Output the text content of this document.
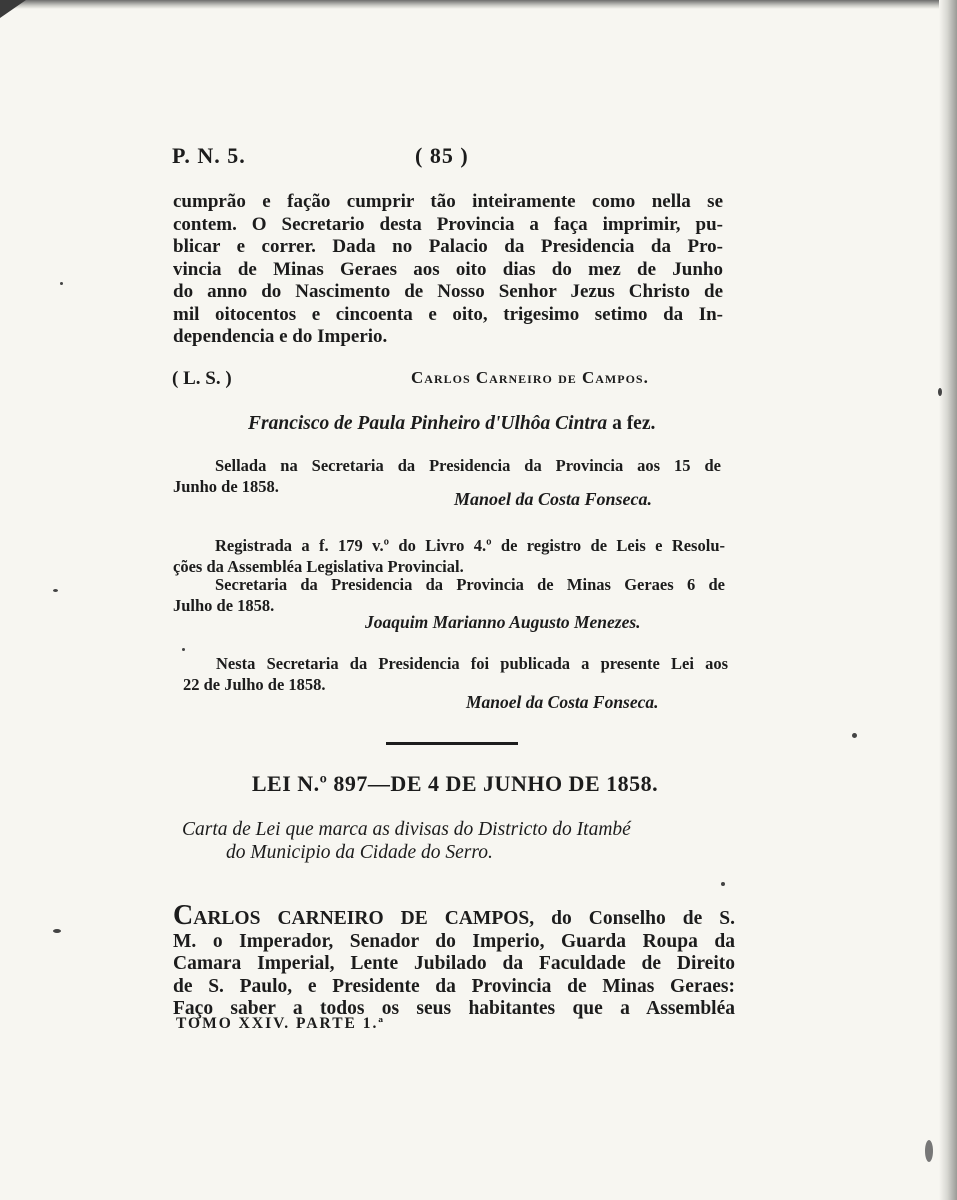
P. N. 5.	( 85 )
cumprão e fação cumprir tão inteiramente como nella se
contem. O Secretario desta Provincia a faça imprimir, pu-
blicar e correr. Dada no Palacio da Presidencia da Pro-
vincia de Minas Geraes aos oito dias do mez de Junho
do anno do Nascimento de Nosso Senhor Jezus Christo de
mil oitocentos e cincoenta e oito, trigesimo setimo da In-
dependencia e do Imperio.
( L. S. )	Carlos Carneiro de Campos.
Francisco de Paula Pinheiro d'Ulhôa Cintra a fez.
Sellada na Secretaria da Presidencia da Provincia aos 15 de
Junho de 1858.
Manoel da Costa Fonseca.
Registrada a f. 179 v.º do Livro 4.º de registro de Leis e Resolu-
ções da Assembléa Legislativa Provincial.
Secretaria da Presidencia da Provincia de Minas Geraes 6 de
Julho de 1858.
Joaquim Marianno Augusto Menezes.
Nesta Secretaria da Presidencia foi publicada a presente Lei aos
22 de Julho de 1858.
Manoel da Costa Fonseca.
LEI N.º 897—DE 4 DE JUNHO DE 1858.
Carta de Lei que marca as divisas do Districto do Itambé
do Municipio da Cidade do Serro.
CARLOS CARNEIRO DE CAMPOS, do Conselho de S.
M. o Imperador, Senador do Imperio, Guarda Roupa da
Camara Imperial, Lente Jubilado da Faculdade de Direito
de S. Paulo, e Presidente da Provincia de Minas Geraes:
Faço saber a todos os seus habitantes que a Assembléa
TOMO XXIV. PARTE 1.ª
